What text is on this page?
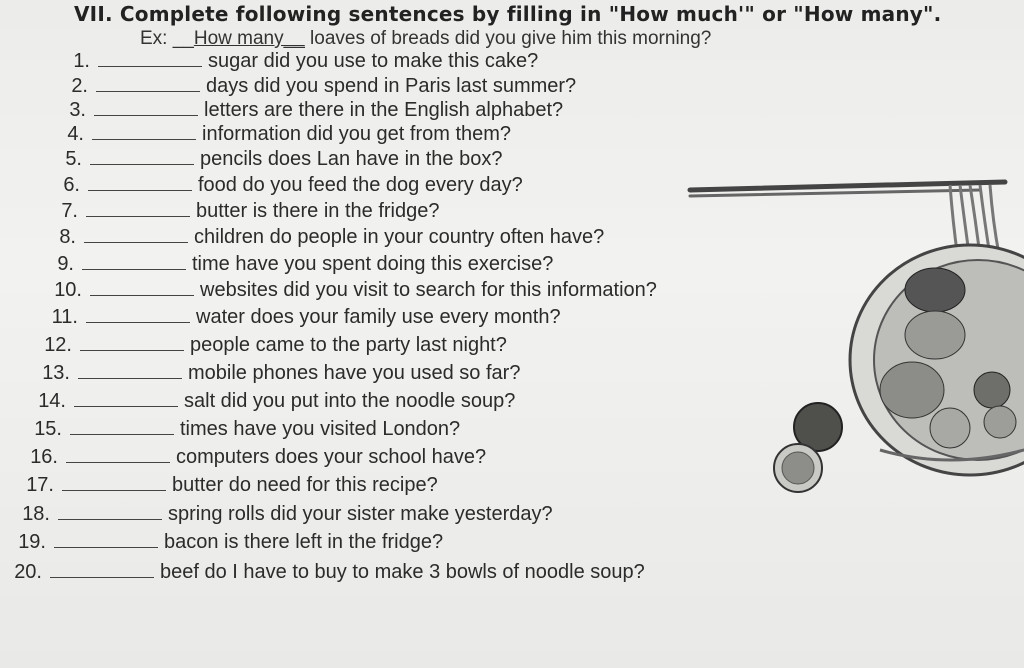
VII. Complete following sentences by filling in "How much'" or "How many".
Ex: __How many__ loaves of breads did you give him this morning?
1.	sugar did you use to make this cake?
2.	days did you spend in Paris last summer?
3.	letters are there in the English alphabet?
4.	information did you get from them?
5.	pencils does Lan have in the box?
6.	food do you feed the dog every day?
7.	butter is there in the fridge?
8.	children do people in your country often have?
9.	time have you spent doing this exercise?
10.	websites did you visit to search for this information?
11.	water does your family use every month?
12.	people came to the party last night?
13.	mobile phones have you used so far?
14.	salt did you put into the noodle soup?
15.	times have you visited London?
16.	computers does your school have?
17.	butter do need for this recipe?
18.	spring rolls did your sister make yesterday?
19.	bacon is there left in the fridge?
20.	beef do I have to buy to make 3 bowls of noodle soup?
